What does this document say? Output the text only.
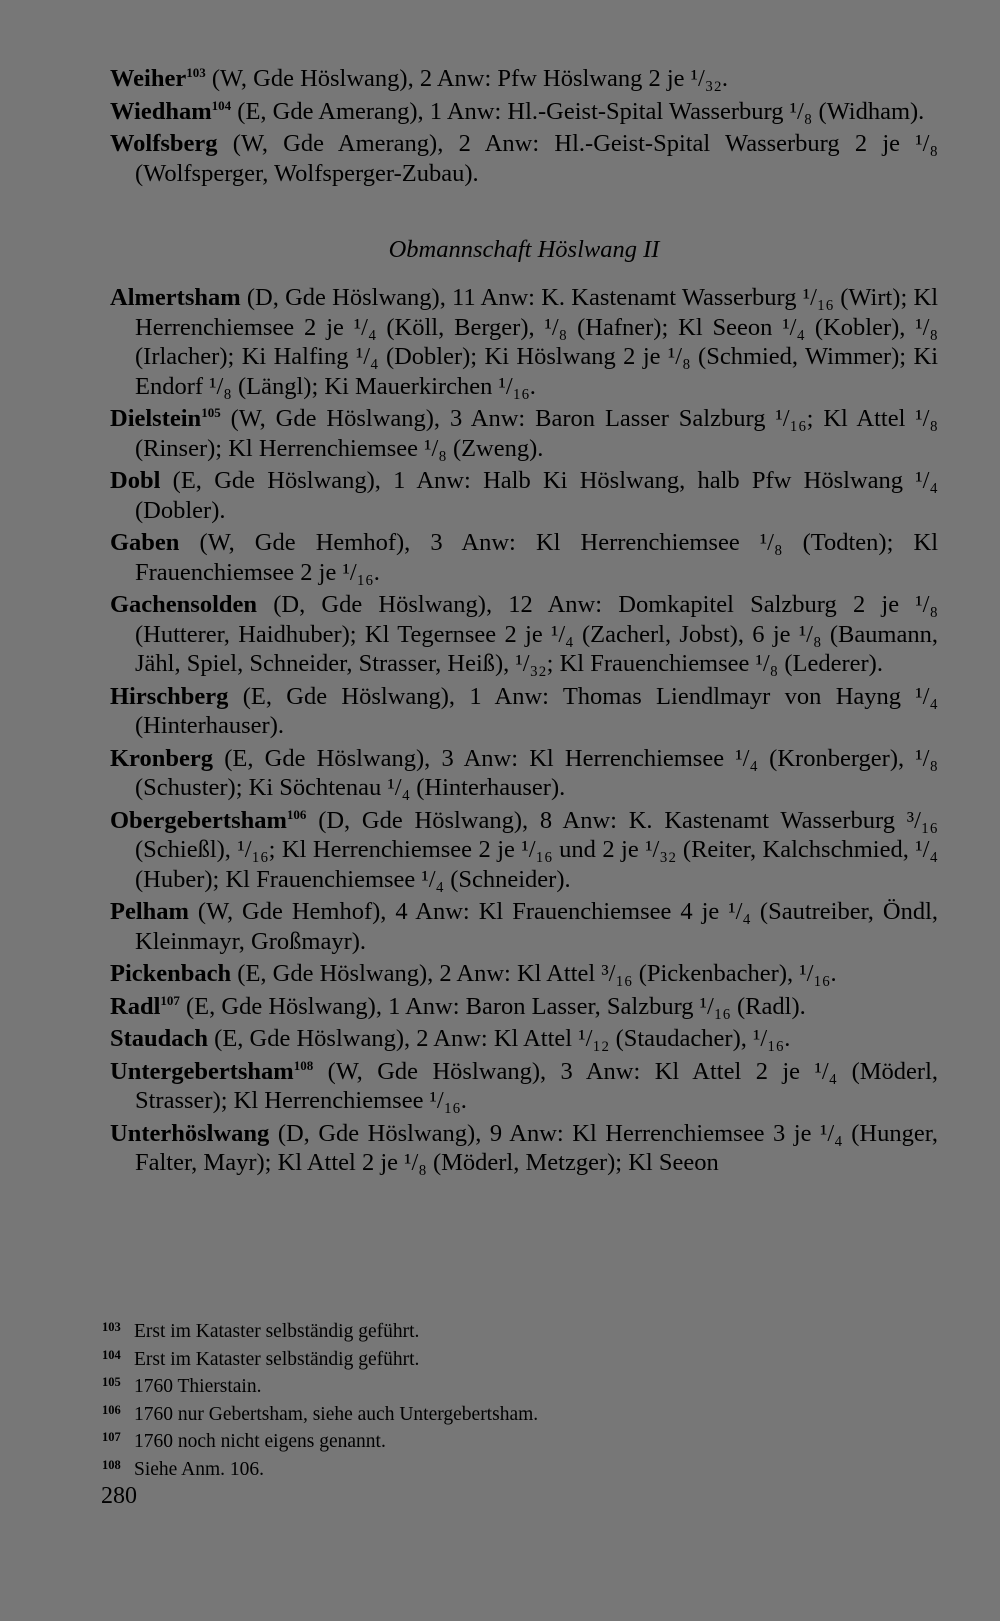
Weiher$^{103}$ (W, Gde Höslwang), 2 Anw: Pfw Höslwang 2 je ¹/₃₂.

Wiedham$^{104}$ (E, Gde Amerang), 1 Anw: Hl.-Geist-Spital Wasserburg ¹/₈ (Widham).

Wolfsberg (W, Gde Amerang), 2 Anw: Hl.-Geist-Spital Wasserburg 2 je ¹/₈ (Wolfsperger, Wolfsperger-Zubau).

Obmannschaft Höslwang II

Almertsham (D, Gde Höslwang), 11 Anw: K. Kastenamt Wasserburg ¹/₁₆ (Wirt); Kl Herrenchiemsee 2 je ¹/₄ (Köll, Berger), ¹/₈ (Hafner); Kl Seeon ¹/₄ (Kobler), ¹/₈ (Irlacher); Ki Halfing ¹/₄ (Dobler); Ki Höslwang 2 je ¹/₈ (Schmied, Wimmer); Ki Endorf ¹/₈ (Längl); Ki Mauerkirchen ¹/₁₆.

Dielstein$^{105}$ (W, Gde Höslwang), 3 Anw: Baron Lasser Salzburg ¹/₁₆; Kl Attel ¹/₈ (Rinser); Kl Herrenchiemsee ¹/₈ (Zweng).

Dobl (E, Gde Höslwang), 1 Anw: Halb Ki Höslwang, halb Pfw Höslwang ¹/₄ (Dobler).

Gaben (W, Gde Hemhof), 3 Anw: Kl Herrenchiemsee ¹/₈ (Todten); Kl Frauenchiemsee 2 je ¹/₁₆.

Gachensolden (D, Gde Höslwang), 12 Anw: Domkapitel Salzburg 2 je ¹/₈ (Hutterer, Haidhuber); Kl Tegernsee 2 je ¹/₄ (Zacherl, Jobst), 6 je ¹/₈ (Baumann, Jähl, Spiel, Schneider, Strasser, Heiß), ¹/₃₂; Kl Frauenchiemsee ¹/₈ (Lederer).

Hirschberg (E, Gde Höslwang), 1 Anw: Thomas Liendlmayr von Hayng ¹/₄ (Hinterhauser).

Kronberg (E, Gde Höslwang), 3 Anw: Kl Herrenchiemsee ¹/₄ (Kronberger), ¹/₈ (Schuster); Ki Söchtenau ¹/₄ (Hinterhauser).

Obergebertsham$^{106}$ (D, Gde Höslwang), 8 Anw: K. Kastenamt Wasserburg ³/₁₆ (Schießl), ¹/₁₆; Kl Herrenchiemsee 2 je ¹/₁₆ und 2 je ¹/₃₂ (Reiter, Kalchschmied, ¹/₄ (Huber); Kl Frauenchiemsee ¹/₄ (Schneider).

Pelham (W, Gde Hemhof), 4 Anw: Kl Frauenchiemsee 4 je ¹/₄ (Sautreiber, Öndl, Kleinmayr, Großmayr).

Pickenbach (E, Gde Höslwang), 2 Anw: Kl Attel ³/₁₆ (Pickenbacher), ¹/₁₆.

Radl$^{107}$ (E, Gde Höslwang), 1 Anw: Baron Lasser, Salzburg ¹/₁₆ (Radl).

Staudach (E, Gde Höslwang), 2 Anw: Kl Attel ¹/₁₂ (Staudacher), ¹/₁₆.

Untergebertsham$^{108}$ (W, Gde Höslwang), 3 Anw: Kl Attel 2 je ¹/₄ (Möderl, Strasser); Kl Herrenchiemsee ¹/₁₆.

Unterhöslwang (D, Gde Höslwang), 9 Anw: Kl Herrenchiemsee 3 je ¹/₄ (Hunger, Falter, Mayr); Kl Attel 2 je ¹/₈ (Möderl, Metzger); Kl Seeon

103 Erst im Kataster selbständig geführt.
104 Erst im Kataster selbständig geführt.
105 1760 Thierstain.
106 1760 nur Gebertsham, siehe auch Untergebertsham.
107 1760 noch nicht eigens genannt.
108 Siehe Anm. 106.
280
